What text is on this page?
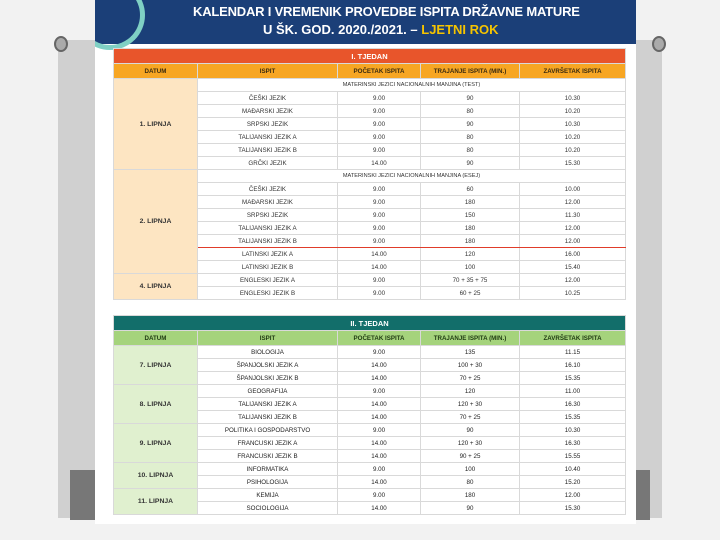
KALENDAR I VREMENIK PROVEDBE ISPITA DRŽAVNE MATURE
U ŠK. GOD. 2020./2021. – LJETNI ROK
I. TJEDAN				
DATUM	ISPIT	POČETAK ISPITA	TRAJANJE ISPITA (MIN.)	ZAVRŠETAK ISPITA
1. LIPNJA	MATERINSKI JEZICI NACIONALNIH MANJINA (TEST)			
	ČEŠKI JEZIK	9.00	90	10.30
	MAĐARSKI JEZIK	9.00	80	10.20
	SRPSKI JEZIK	9.00	90	10.30
	TALIJANSKI JEZIK A	9.00	80	10.20
	TALIJANSKI JEZIK B	9.00	80	10.20
	GRČKI JEZIK	14.00	90	15.30
2. LIPNJA	MATERINSKI JEZICI NACIONALNIH MANJINA (ESEJ)			
	ČEŠKI JEZIK	9.00	60	10.00
	MAĐARSKI JEZIK	9.00	180	12.00
	SRPSKI JEZIK	9.00	150	11.30
	TALIJANSKI JEZIK A	9.00	180	12.00
	TALIJANSKI JEZIK B	9.00	180	12.00
	LATINSKI JEZIK A	14.00	120	16.00
	LATINSKI JEZIK B	14.00	100	15.40
4. LIPNJA	ENGLESKI JEZIK A	9.00	70 + 35 + 75	12.00
	ENGLESKI JEZIK B	9.00	60 + 25	10.25
II. TJEDAN				
DATUM	ISPIT	POČETAK ISPITA	TRAJANJE ISPITA (MIN.)	ZAVRŠETAK ISPITA
7. LIPNJA	BIOLOGIJA	9.00	135	11.15
	ŠPANJOLSKI JEZIK A	14.00	100 + 30	16.10
	ŠPANJOLSKI JEZIK B	14.00	70 + 25	15.35
8. LIPNJA	GEOGRAFIJA	9.00	120	11.00
	TALIJANSKI JEZIK A	14.00	120 + 30	16.30
	TALIJANSKI JEZIK B	14.00	70 + 25	15.35
9. LIPNJA	POLITIKA I GOSPODARSTVO	9.00	90	10.30
	FRANCUSKI JEZIK A	14.00	120 + 30	16.30
	FRANCUSKI JEZIK B	14.00	90 + 25	15.55
10. LIPNJA	INFORMATIKA	9.00	100	10.40
	PSIHOLOGIJA	14.00	80	15.20
11. LIPNJA	KEMIJA	9.00	180	12.00
	SOCIOLOGIJA	14.00	90	15.30
